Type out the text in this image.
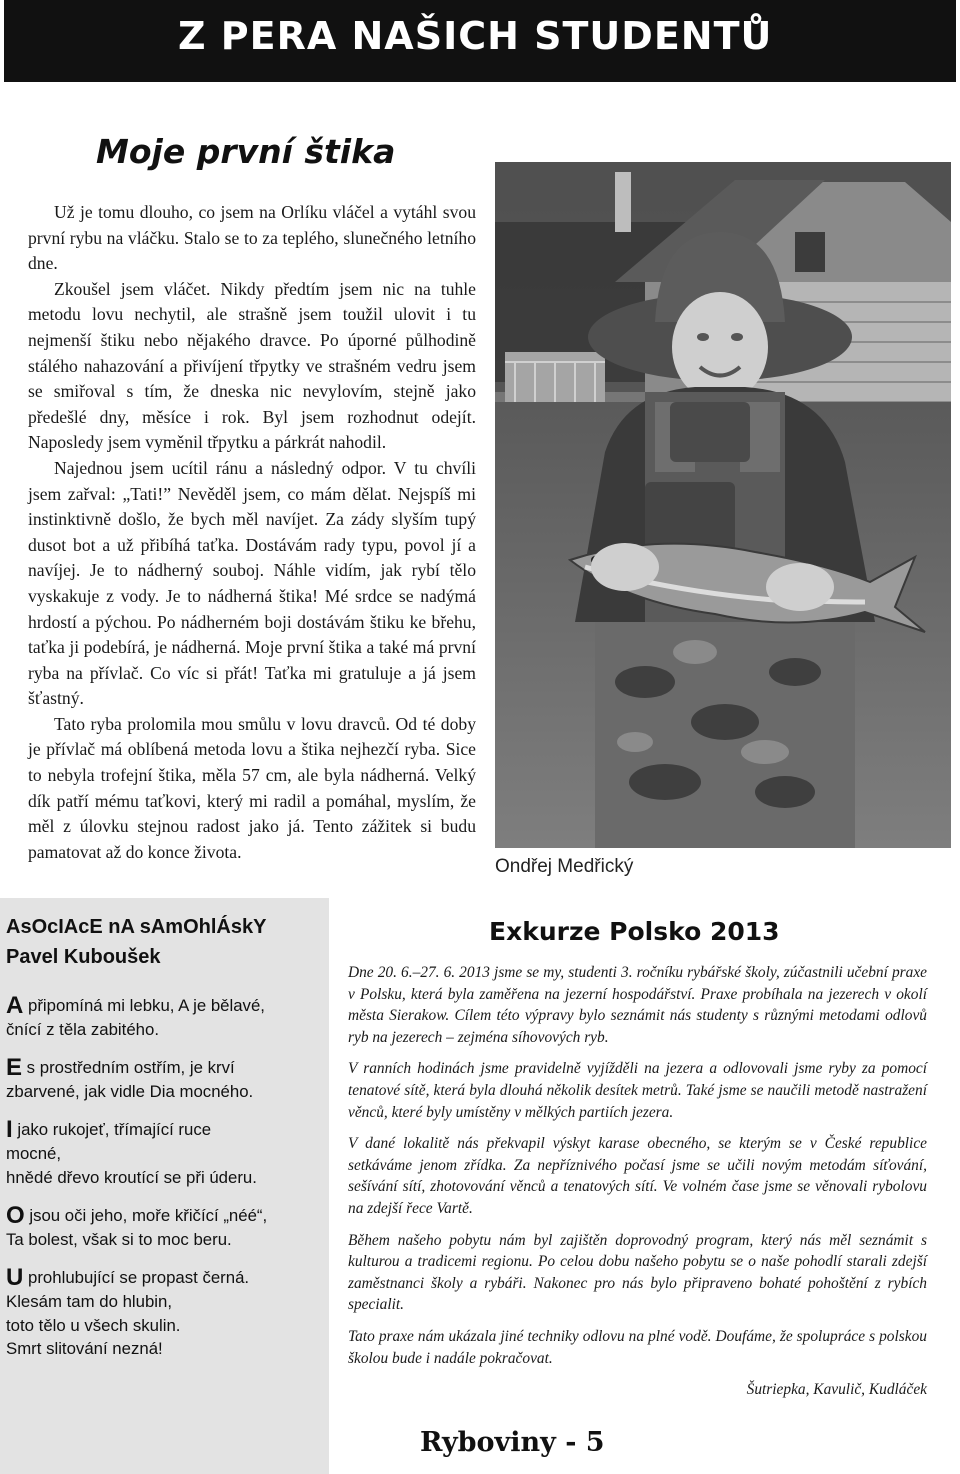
Z PERA NAŠICH STUDENTŮ
Moje první štika

Už je tomu dlouho, co jsem na Orlíku vláčel a vytáhl svou první rybu na vláčku. Stalo se to za teplého, slunečného letního dne.

Zkoušel jsem vláčet. Nikdy předtím jsem nic na tuhle metodu lovu nechytil, ale strašně jsem toužil ulovit i tu nejmenší štiku nebo nějakého dravce. Po úporné půlhodině stálého nahazování a přivíjení třpytky ve strašném vedru jsem se smiřoval s tím, že dneska nic nevylovím, stejně jako předešlé dny, měsíce i rok. Byl jsem rozhodnut odejít. Naposledy jsem vyměnil třpytku a párkrát nahodil.

Najednou jsem ucítil ránu a následný odpor. V tu chvíli jsem zařval: „Tati!” Nevěděl jsem, co mám dělat. Nejspíš mi instinktivně došlo, že bych měl navíjet. Za zády slyším tupý dusot bot a už přibíhá taťka. Dostávám rady typu, povol jí a navíjej. Je to nádherný souboj. Náhle vidím, jak rybí tělo vyskakuje z vody. Je to nádherná štika! Mé srdce se nadýmá hrdostí a pýchou. Po nádherném boji dostávám štiku ke břehu, taťka ji podebírá, je nádherná. Moje první štika a také má první ryba na přívlač. Co víc si přát! Taťka mi gratuluje a já jsem šťastný.

Tato ryba prolomila mou smůlu v lovu dravců. Od té doby je přívlač má oblíbená metoda lovu a štika nejhezčí ryba. Sice to nebyla trofejní štika, měla 57 cm, ale byla nádherná. Velký dík patří mému taťkovi, který mi radil a pomáhal, myslím, že měl z úlovku stejnou radost jako já. Tento zážitek si budu pamatovat až do konce života.

Ondřej Medřický
AsOcIAcE nA sAmOhlÁskY
Pavel Kuboušek
A připomíná mi lebku, A je bělavé,
čnící z těla zabitého.
E s prostředním ostřím, je krví
zbarvené, jak vidle Dia mocného.
I jako rukojeť, třímající ruce
mocné,
hnědé dřevo kroutící se při úderu.
O jsou oči jeho, moře křičící „néé“,
Ta bolest, však si to moc beru.
U prohlubující se propast černá.
Klesám tam do hlubin,
toto tělo u všech skulin.
Smrt slitování nezná!
Exkurze Polsko 2013

Dne 20. 6.–27. 6. 2013 jsme se my, studenti 3. ročníku rybářské školy, zúčastnili učební praxe v Polsku, která byla zaměřena na jezerní hospodářství. Praxe probíhala na jezerech v okolí města Sierakow. Cílem této výpravy bylo seznámit nás studenty s různými metodami odlovů ryb na jezerech – zejména síhovových ryb.

V ranních hodinách jsme pravidelně vyjížděli na jezera a odlovovali jsme ryby za pomocí tenatové sítě, která byla dlouhá několik desítek metrů. Také jsme se naučili metodě nastražení věnců, které byly umístěny v mělkých partiích jezera.

V dané lokalitě nás překvapil výskyt karase obecného, se kterým se v České republice setkáváme jenom zřídka. Za nepříznivého počasí jsme se učili novým metodám síťování, sešívání sítí, zhotovování věnců a tenatových sítí. Ve volném čase jsme se věnovali rybolovu na zdejší řece Vartě.

Během našeho pobytu nám byl zajištěn doprovodný program, který nás měl seznámit s kulturou a tradicemi regionu. Po celou dobu našeho pobytu se o naše pohodlí starali zdejší zaměstnanci školy a rybáři. Nakonec pro nás bylo připraveno bohaté pohoštění z rybích specialit.

Tato praxe nám ukázala jiné techniky odlovu na plné vodě. Doufáme, že spolupráce s polskou školou bude i nadále pokračovat.

Šutriepka, Kavulič, Kudláček

Ryboviny - 5
